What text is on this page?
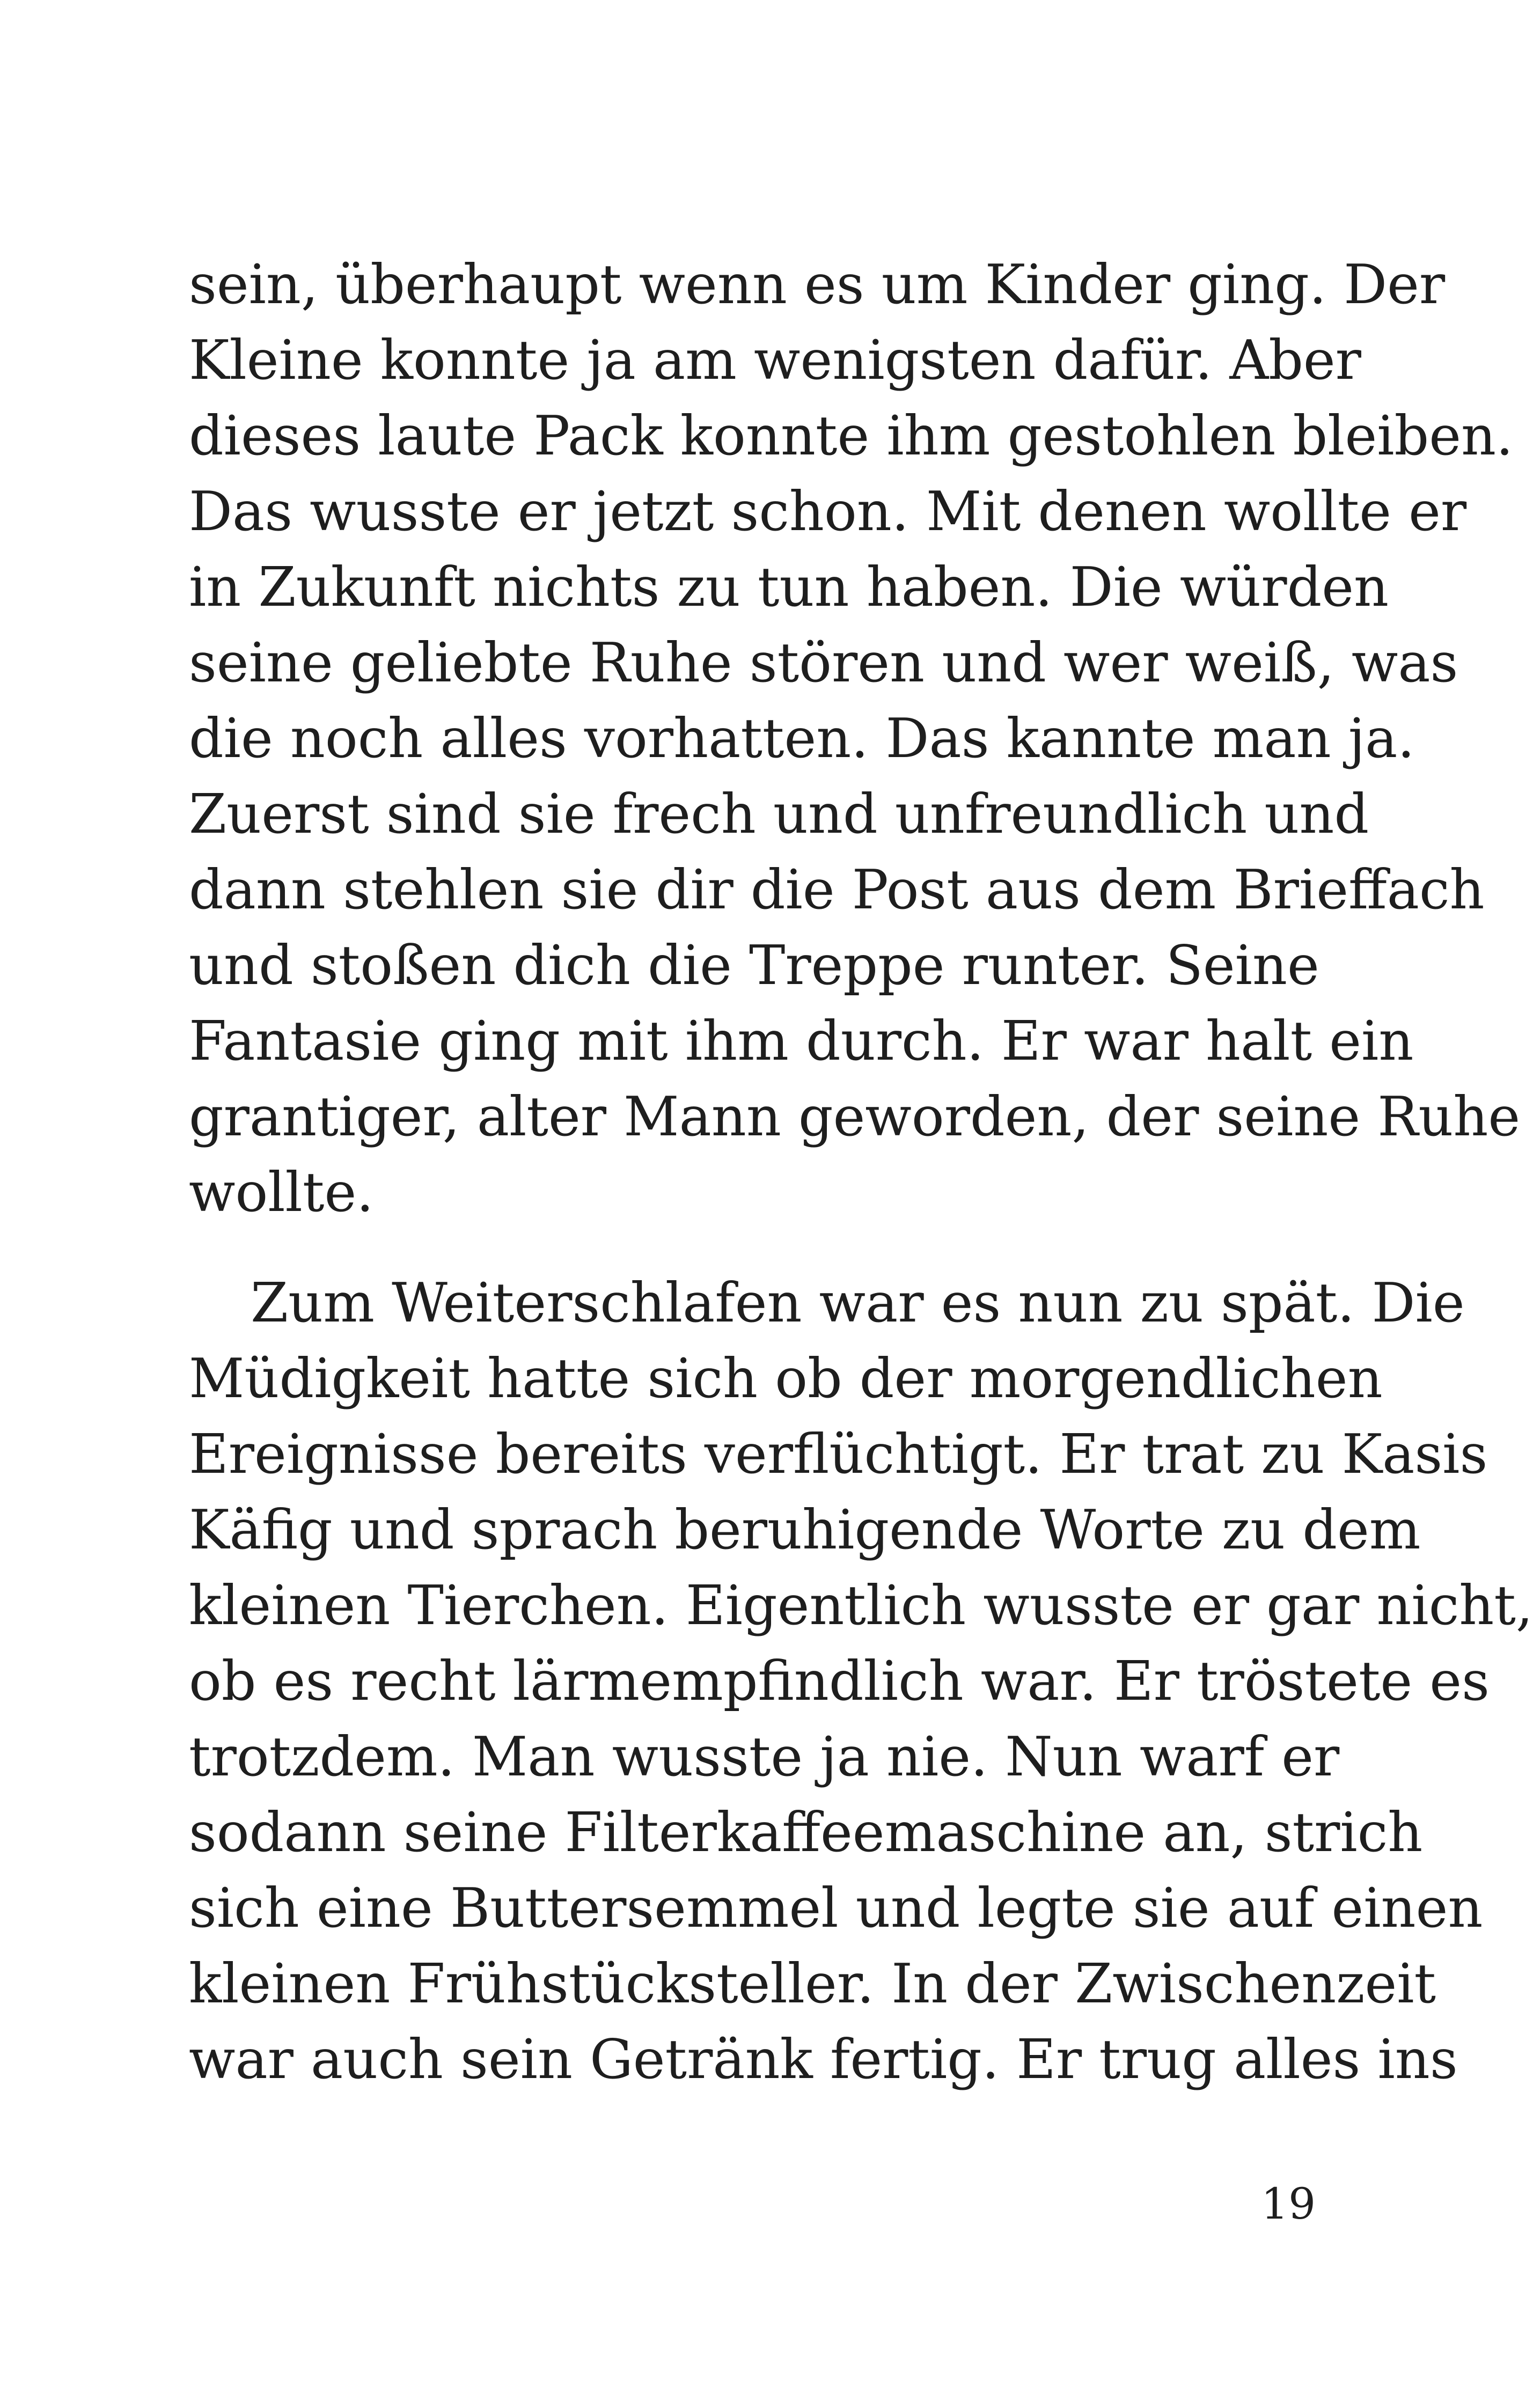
sein, überhaupt wenn es um Kinder ging. Der
Kleine konnte ja am wenigsten dafür. Aber
dieses laute Pack konnte ihm gestohlen bleiben.
Das wusste er jetzt schon. Mit denen wollte er
in Zukunft nichts zu tun haben. Die würden
seine geliebte Ruhe stören und wer weiß, was
die noch alles vorhatten. Das kannte man ja.
Zuerst sind sie frech und unfreundlich und
dann stehlen sie dir die Post aus dem Brieffach
und stoßen dich die Treppe runter. Seine
Fantasie ging mit ihm durch. Er war halt ein
grantiger, alter Mann geworden, der seine Ruhe
wollte.
Zum Weiterschlafen war es nun zu spät. Die
Müdigkeit hatte sich ob der morgendlichen
Ereignisse bereits verflüchtigt. Er trat zu Kasis
Käfig und sprach beruhigende Worte zu dem
kleinen Tierchen. Eigentlich wusste er gar nicht,
ob es recht lärmempfindlich war. Er tröstete es
trotzdem. Man wusste ja nie. Nun warf er
sodann seine Filterkaffeemaschine an, strich
sich eine Buttersemmel und legte sie auf einen
kleinen Frühstücksteller. In der Zwischenzeit
war auch sein Getränk fertig. Er trug alles ins
19
